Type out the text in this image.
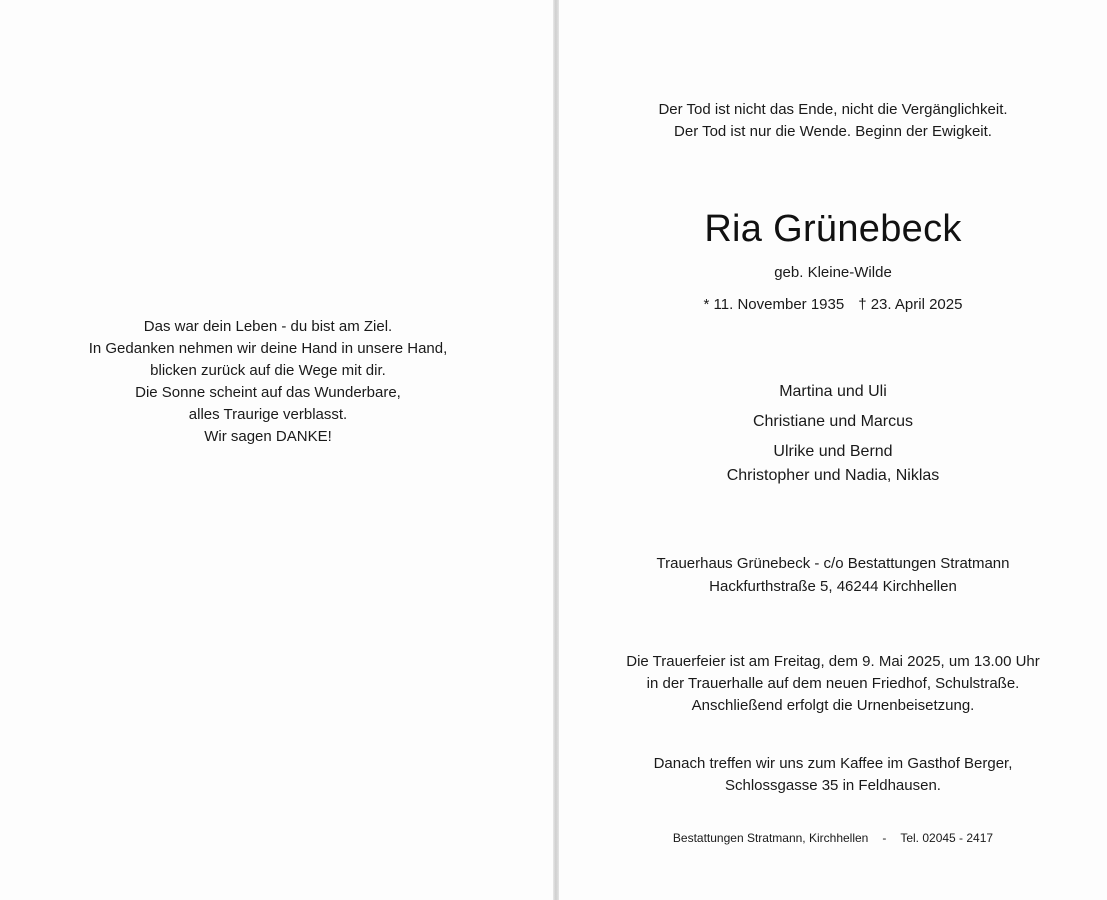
Das war dein Leben - du bist am Ziel.
In Gedanken nehmen wir deine Hand in unsere Hand,
blicken zurück auf die Wege mit dir.
Die Sonne scheint auf das Wunderbare,
alles Traurige verblasst.
Wir sagen DANKE!
Der Tod ist nicht das Ende, nicht die Vergänglichkeit.
Der Tod ist nur die Wende. Beginn der Ewigkeit.
Ria Grünebeck
geb. Kleine-Wilde
* 11. November 1935 † 23. April 2025
Martina und Uli
Christiane und Marcus
Ulrike und Bernd
Christopher und Nadia, Niklas
Trauerhaus Grünebeck - c/o Bestattungen Stratmann
Hackfurthstraße 5, 46244 Kirchhellen
Die Trauerfeier ist am Freitag, dem 9. Mai 2025, um 13.00 Uhr
in der Trauerhalle auf dem neuen Friedhof, Schulstraße.
Anschließend erfolgt die Urnenbeisetzung.
Danach treffen wir uns zum Kaffee im Gasthof Berger,
Schlossgasse 35 in Feldhausen.
Bestattungen Stratmann, Kirchhellen - Tel. 02045 - 2417
